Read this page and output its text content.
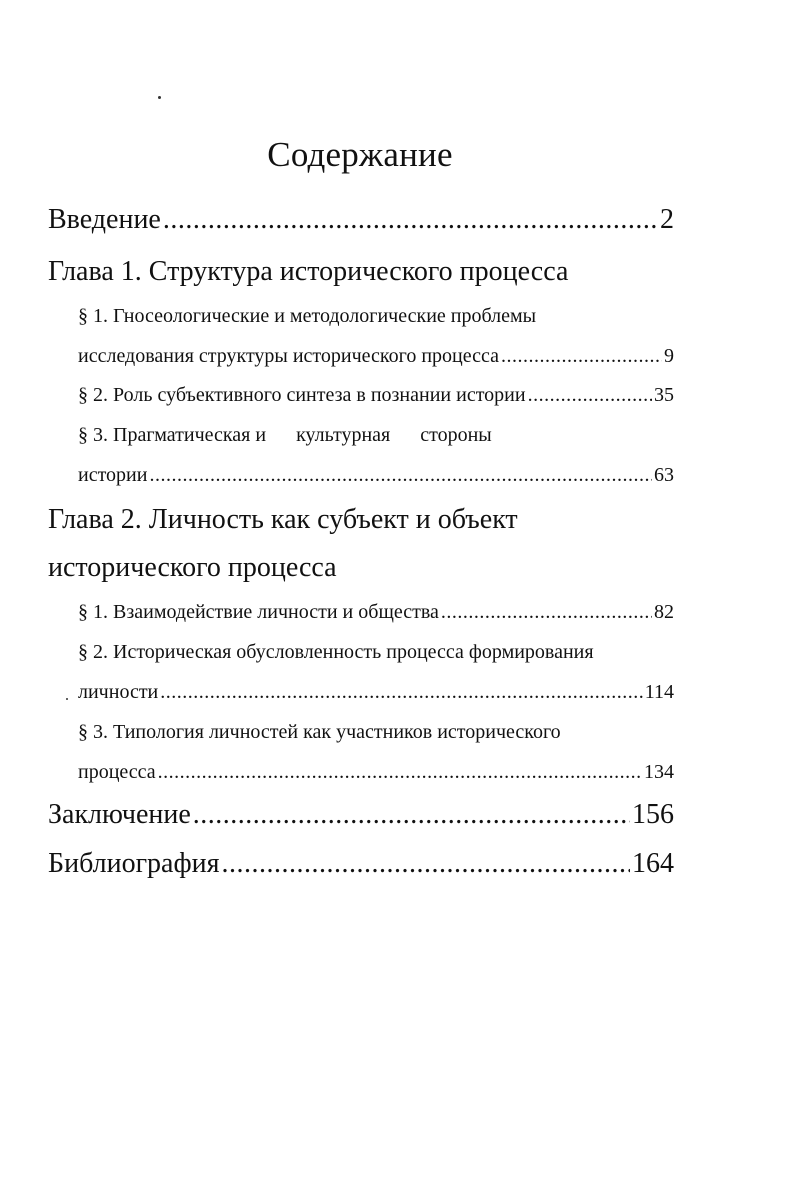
Содержание
Введение .....	2
Глава 1. Структура исторического процесса
§ 1. Гносеологические и методологические проблемы
исследования структуры исторического процесса .....	9
§ 2. Роль субъективного синтеза в познании истории .....	35
§ 3. Прагматическая и      культурная      стороны
истории .....	63
Глава 2. Личность как субъект и объект
исторического процесса
§ 1. Взаимодействие личности и общества .....	82
§ 2. Историческая обусловленность процесса формирования
личности .....	114
§ 3. Типология личностей как участников исторического
процесса .....	134
Заключение .....	156
Библиография .....	164
